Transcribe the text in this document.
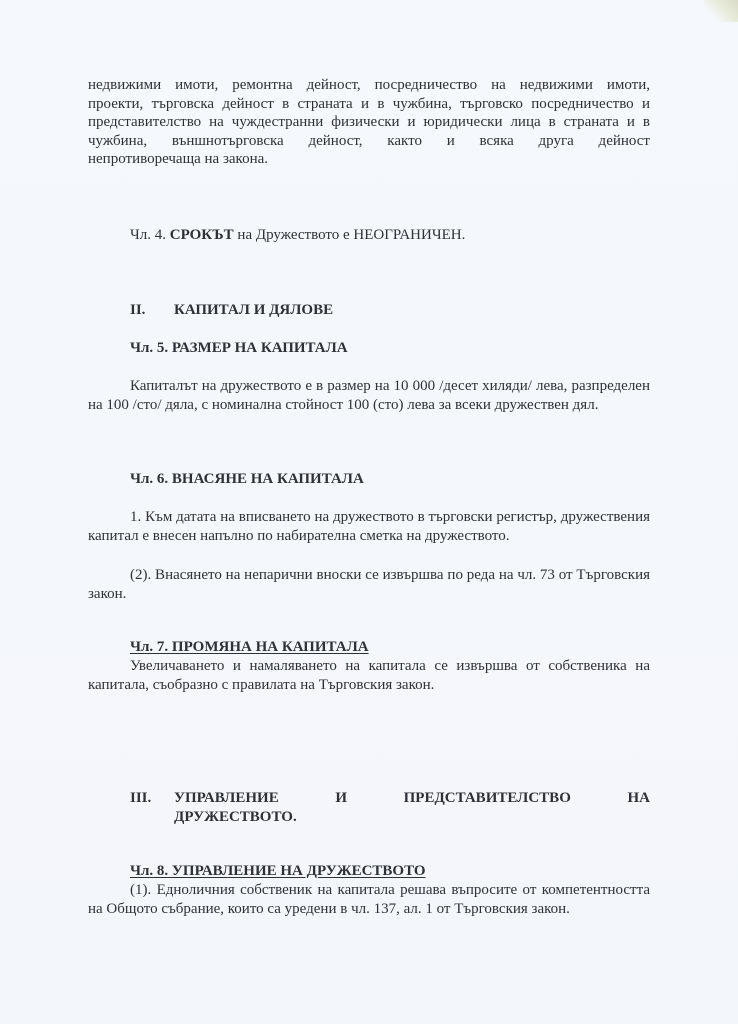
недвижими имоти, ремонтна дейност, посредничество на недвижими имоти,
проекти, търговска дейност в страната и в чужбина, търговско посредничество и
представителство на чуждестранни физически и юридически лица в страната и в
чужбина, външнотърговска дейност, както и всяка друга дейност
непротиворечаща на закона.
Чл. 4. СРОКЪТ на Дружеството е НЕОГРАНИЧЕН.
II. КАПИТАЛ И ДЯЛОВЕ
Чл. 5. РАЗМЕР НА КАПИТАЛА
Капиталът на дружеството е в размер на 10 000 /десет хиляди/ лева, разпределен на 100 /сто/ дяла, с номинална стойност 100 (сто) лева за всеки дружествен дял.
Чл. 6. ВНАСЯНЕ НА КАПИТАЛА
1. Към датата на вписването на дружеството в търговски регистър, дружествения капитал е внесен напълно по набирателна сметка на дружеството.
(2). Внасянето на непарични вноски се извършва по реда на чл. 73 от Търговския закон.
Чл. 7. ПРОМЯНА НА КАПИТАЛА
Увеличаването и намаляването на капитала се извършва от собственика на капитала, съобразно с правилата на Търговския закон.
III. УПРАВЛЕНИЕ	И	ПРЕДСТАВИТЕЛСТВО	НА
ДРУЖЕСТВОТО.
Чл. 8. УПРАВЛЕНИЕ НА ДРУЖЕСТВОТО
(1). Едноличния собственик на капитала решава въпросите от компетентността на Общото събрание, които са уредени в чл. 137, ал. 1 от Търговския закон.
